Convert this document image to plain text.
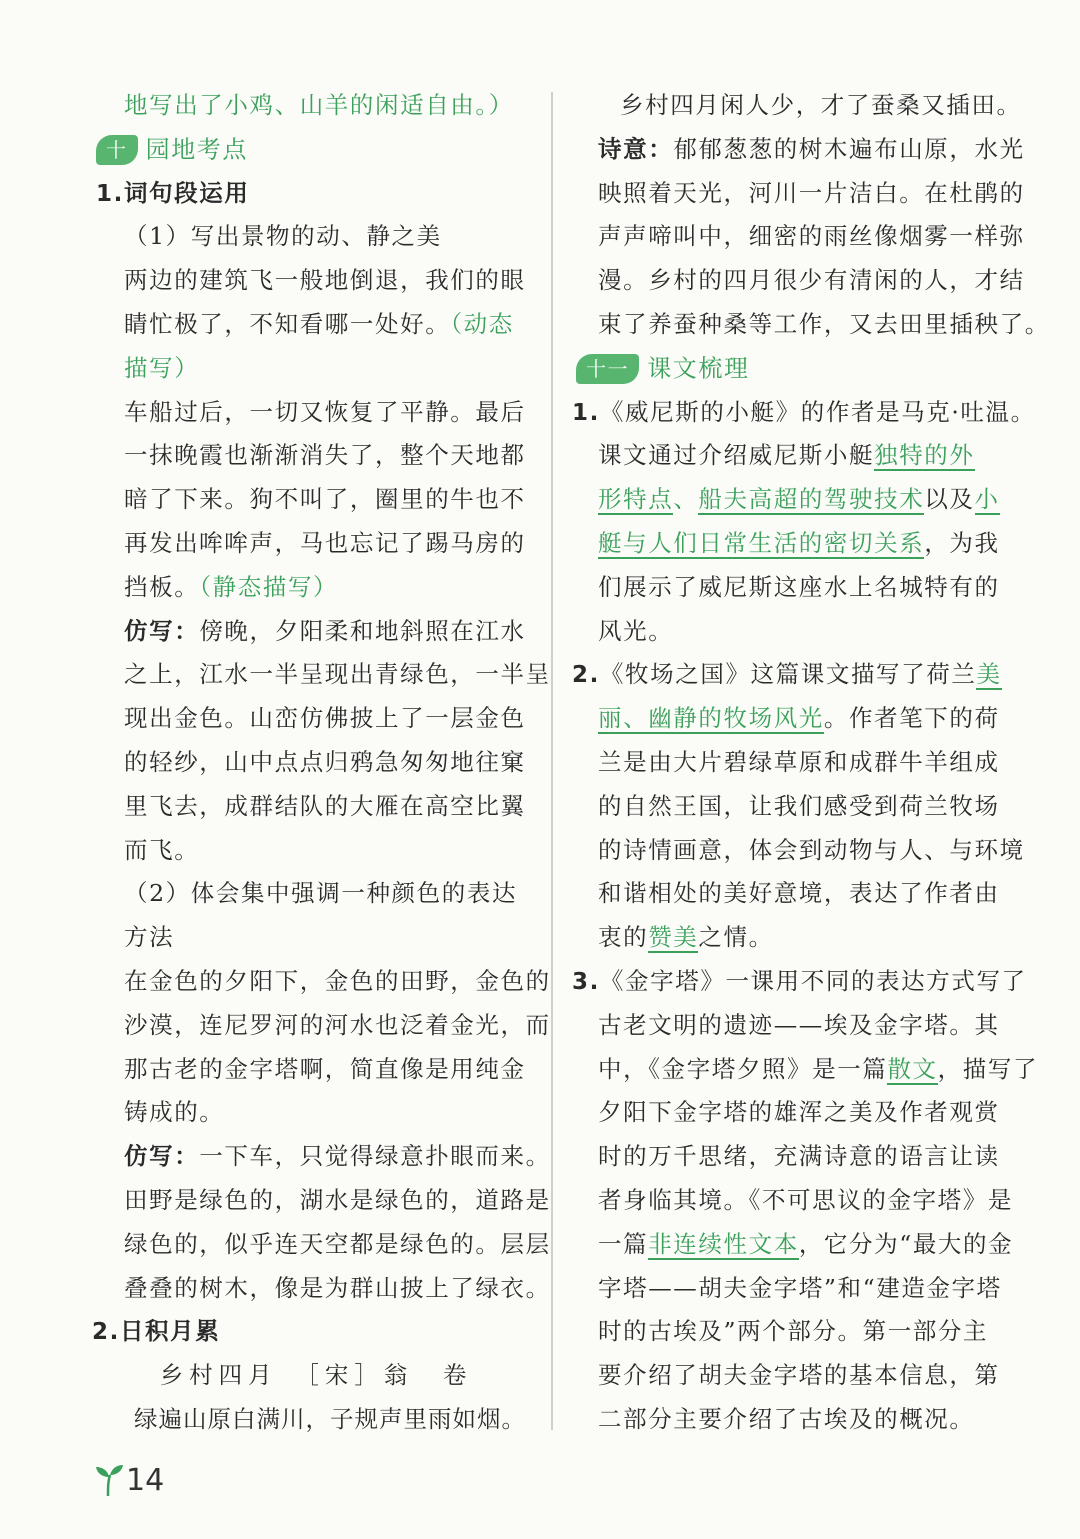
地写出了小鸡、山羊的闲适自由。）
十 园地考点
1.词句段运用
（1）写出景物的动、静之美
两边的建筑飞一般地倒退，我们的眼
睛忙极了，不知看哪一处好。（动态
描写）
车船过后，一切又恢复了平静。最后
一抹晚霞也渐渐消失了，整个天地都
暗了下来。狗不叫了，圈里的牛也不
再发出哞哞声，马也忘记了踢马房的
挡板。（静态描写）
仿写：傍晚，夕阳柔和地斜照在江水
之上，江水一半呈现出青绿色，一半呈
现出金色。山峦仿佛披上了一层金色
的轻纱，山中点点归鸦急匆匆地往窠
里飞去，成群结队的大雁在高空比翼
而飞。
（2）体会集中强调一种颜色的表达
方法
在金色的夕阳下，金色的田野，金色的
沙漠，连尼罗河的河水也泛着金光，而
那古老的金字塔啊，简直像是用纯金
铸成的。
仿写：一下车，只觉得绿意扑眼而来。
田野是绿色的，湖水是绿色的，道路是
绿色的，似乎连天空都是绿色的。层层
叠叠的树木，像是为群山披上了绿衣。
2.日积月累
乡村四月　［宋］翁　卷
绿遍山原白满川，子规声里雨如烟。
乡村四月闲人少，才了蚕桑又插田。
诗意：郁郁葱葱的树木遍布山原，水光
映照着天光，河川一片洁白。在杜鹃的
声声啼叫中，细密的雨丝像烟雾一样弥
漫。乡村的四月很少有清闲的人，才结
束了养蚕种桑等工作，又去田里插秧了。
十一 课文梳理
1.《威尼斯的小艇》的作者是马克·吐温。
课文通过介绍威尼斯小艇独特的外
形特点、船夫高超的驾驶技术以及小
艇与人们日常生活的密切关系，为我
们展示了威尼斯这座水上名城特有的
风光。
2.《牧场之国》这篇课文描写了荷兰美
丽、幽静的牧场风光。作者笔下的荷
兰是由大片碧绿草原和成群牛羊组成
的自然王国，让我们感受到荷兰牧场
的诗情画意，体会到动物与人、与环境
和谐相处的美好意境，表达了作者由
衷的赞美之情。
3.《金字塔》一课用不同的表达方式写了
古老文明的遗迹——埃及金字塔。其
中，《金字塔夕照》是一篇散文，描写了
夕阳下金字塔的雄浑之美及作者观赏
时的万千思绪，充满诗意的语言让读
者身临其境。《不可思议的金字塔》是
一篇非连续性文本，它分为“最大的金
字塔——胡夫金字塔”和“建造金字塔
时的古埃及”两个部分。第一部分主
要介绍了胡夫金字塔的基本信息，第
二部分主要介绍了古埃及的概况。
14
